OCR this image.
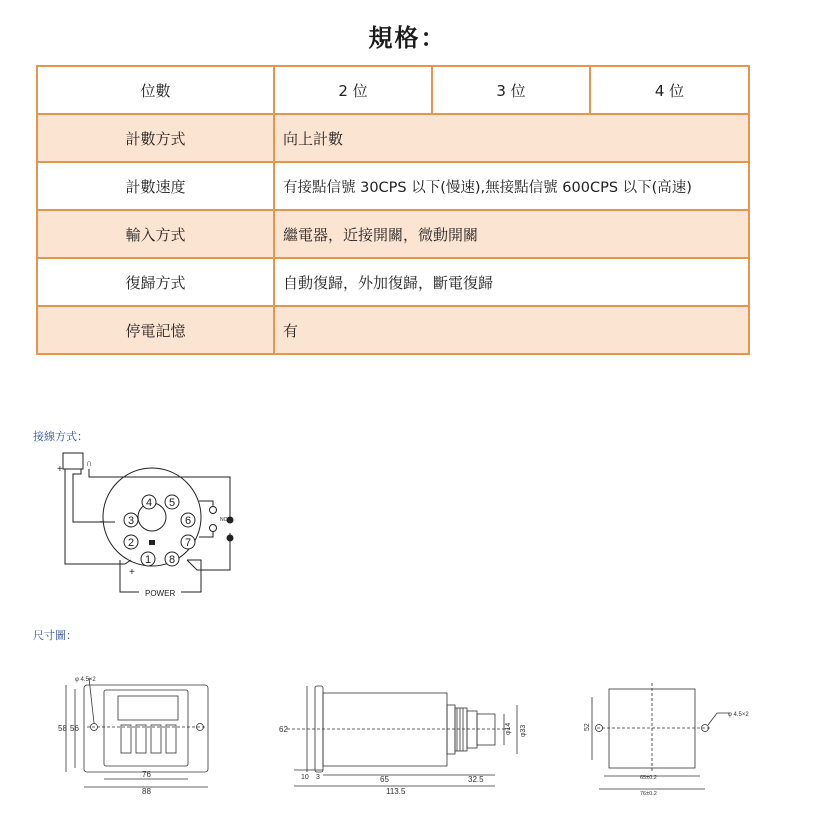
規格：
位數	2 位	3 位	4 位
計數方式	向上計數		
計數速度	有接點信號 30CPS 以下(慢速),無接點信號 600CPS 以下(高速)		
輸入方式	繼電器，近接開關，微動開關		
復歸方式	自動復歸，外加復歸，斷電復歸		
停電記憶	有		
接線方式：
NO
4 5
3	6
2	7
1 8
+
∩
−
+
POWER
尺寸圖：
φ 4.5×2
58 56
76
88
62
10 3	65	32.5
113.5
φ14 φ33	52
φ 4.5×2
65±0.2
76±0.2
